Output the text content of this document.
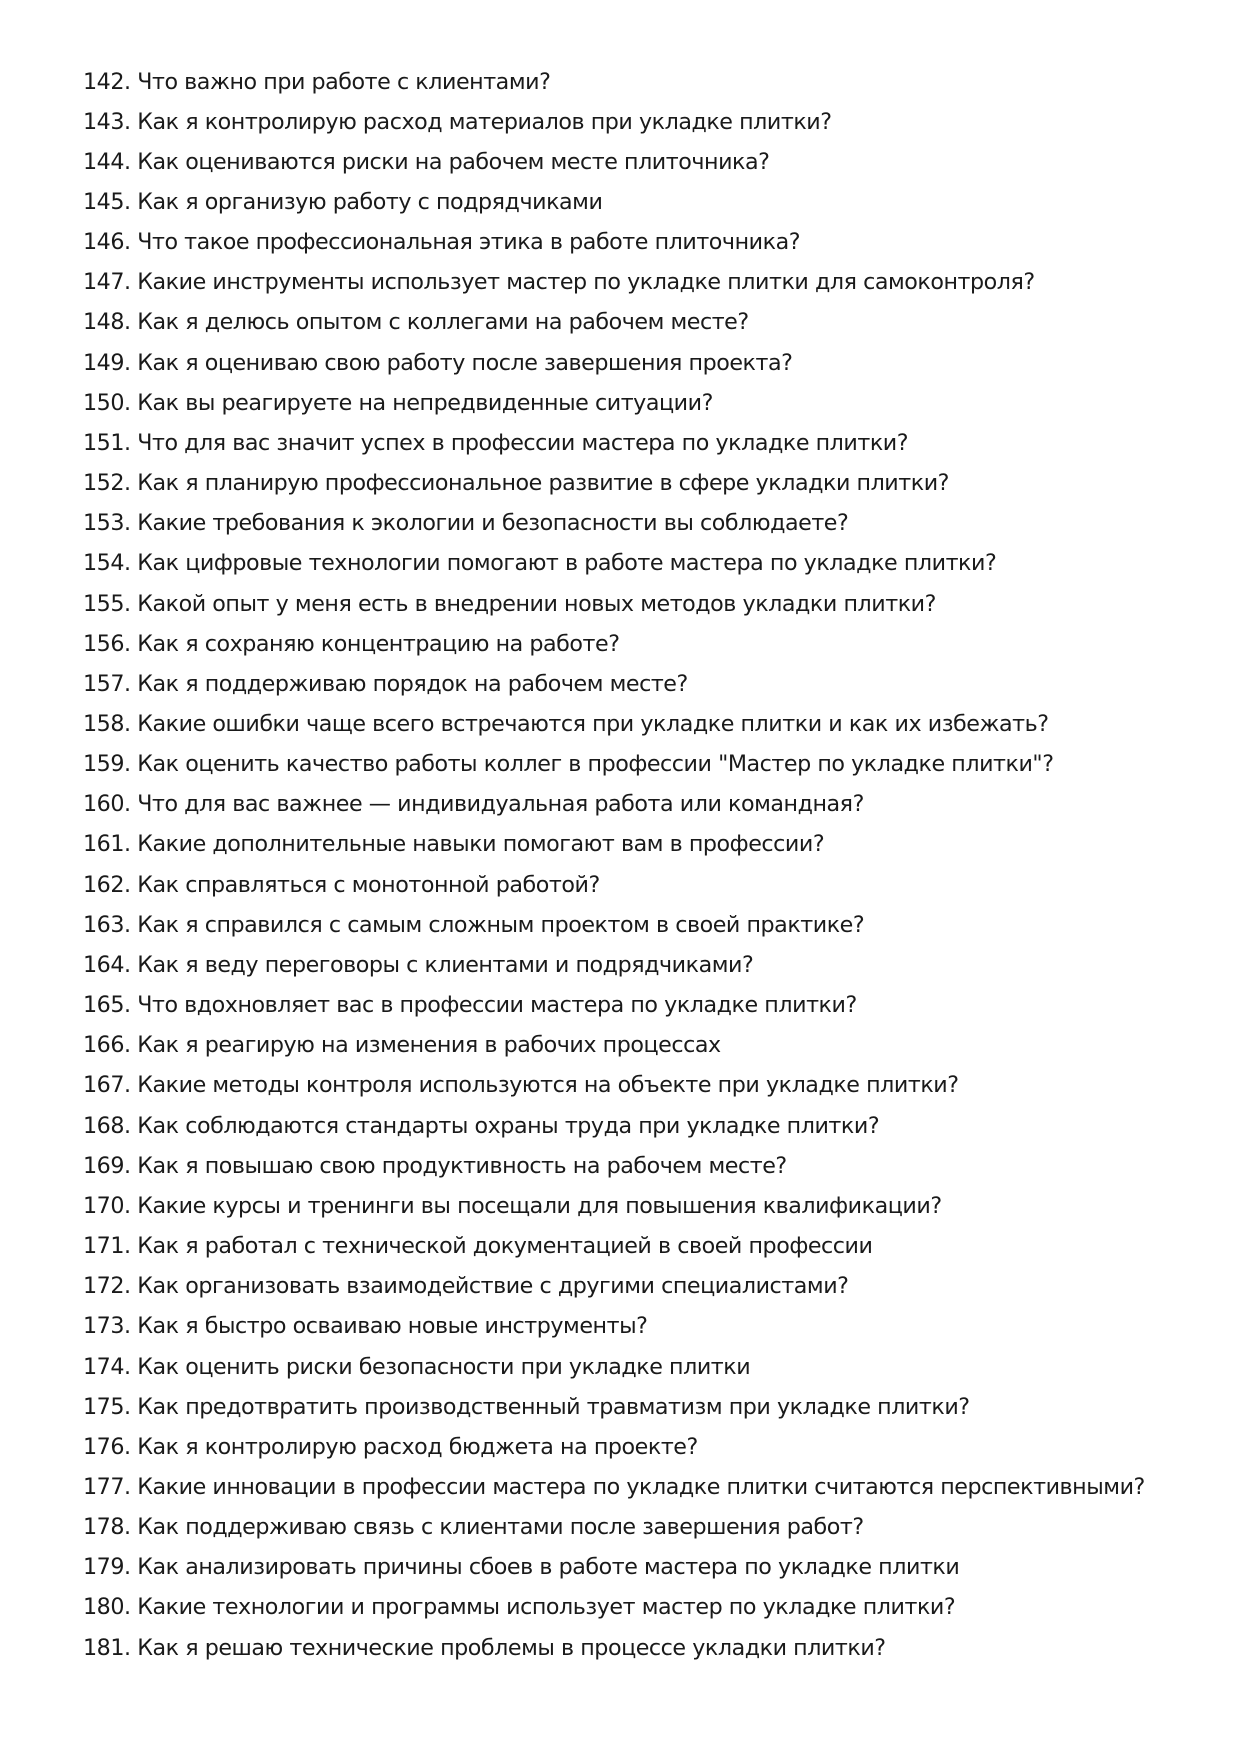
142. Что важно при работе с клиентами?
143. Как я контролирую расход материалов при укладке плитки?
144. Как оцениваются риски на рабочем месте плиточника?
145. Как я организую работу с подрядчиками
146. Что такое профессиональная этика в работе плиточника?
147. Какие инструменты использует мастер по укладке плитки для самоконтроля?
148. Как я делюсь опытом с коллегами на рабочем месте?
149. Как я оцениваю свою работу после завершения проекта?
150. Как вы реагируете на непредвиденные ситуации?
151. Что для вас значит успех в профессии мастера по укладке плитки?
152. Как я планирую профессиональное развитие в сфере укладки плитки?
153. Какие требования к экологии и безопасности вы соблюдаете?
154. Как цифровые технологии помогают в работе мастера по укладке плитки?
155. Какой опыт у меня есть в внедрении новых методов укладки плитки?
156. Как я сохраняю концентрацию на работе?
157. Как я поддерживаю порядок на рабочем месте?
158. Какие ошибки чаще всего встречаются при укладке плитки и как их избежать?
159. Как оценить качество работы коллег в профессии "Мастер по укладке плитки"?
160. Что для вас важнее — индивидуальная работа или командная?
161. Какие дополнительные навыки помогают вам в профессии?
162. Как справляться с монотонной работой?
163. Как я справился с самым сложным проектом в своей практике?
164. Как я веду переговоры с клиентами и подрядчиками?
165. Что вдохновляет вас в профессии мастера по укладке плитки?
166. Как я реагирую на изменения в рабочих процессах
167. Какие методы контроля используются на объекте при укладке плитки?
168. Как соблюдаются стандарты охраны труда при укладке плитки?
169. Как я повышаю свою продуктивность на рабочем месте?
170. Какие курсы и тренинги вы посещали для повышения квалификации?
171. Как я работал с технической документацией в своей профессии
172. Как организовать взаимодействие с другими специалистами?
173. Как я быстро осваиваю новые инструменты?
174. Как оценить риски безопасности при укладке плитки
175. Как предотвратить производственный травматизм при укладке плитки?
176. Как я контролирую расход бюджета на проекте?
177. Какие инновации в профессии мастера по укладке плитки считаются перспективными?
178. Как поддерживаю связь с клиентами после завершения работ?
179. Как анализировать причины сбоев в работе мастера по укладке плитки
180. Какие технологии и программы использует мастер по укладке плитки?
181. Как я решаю технические проблемы в процессе укладки плитки?
